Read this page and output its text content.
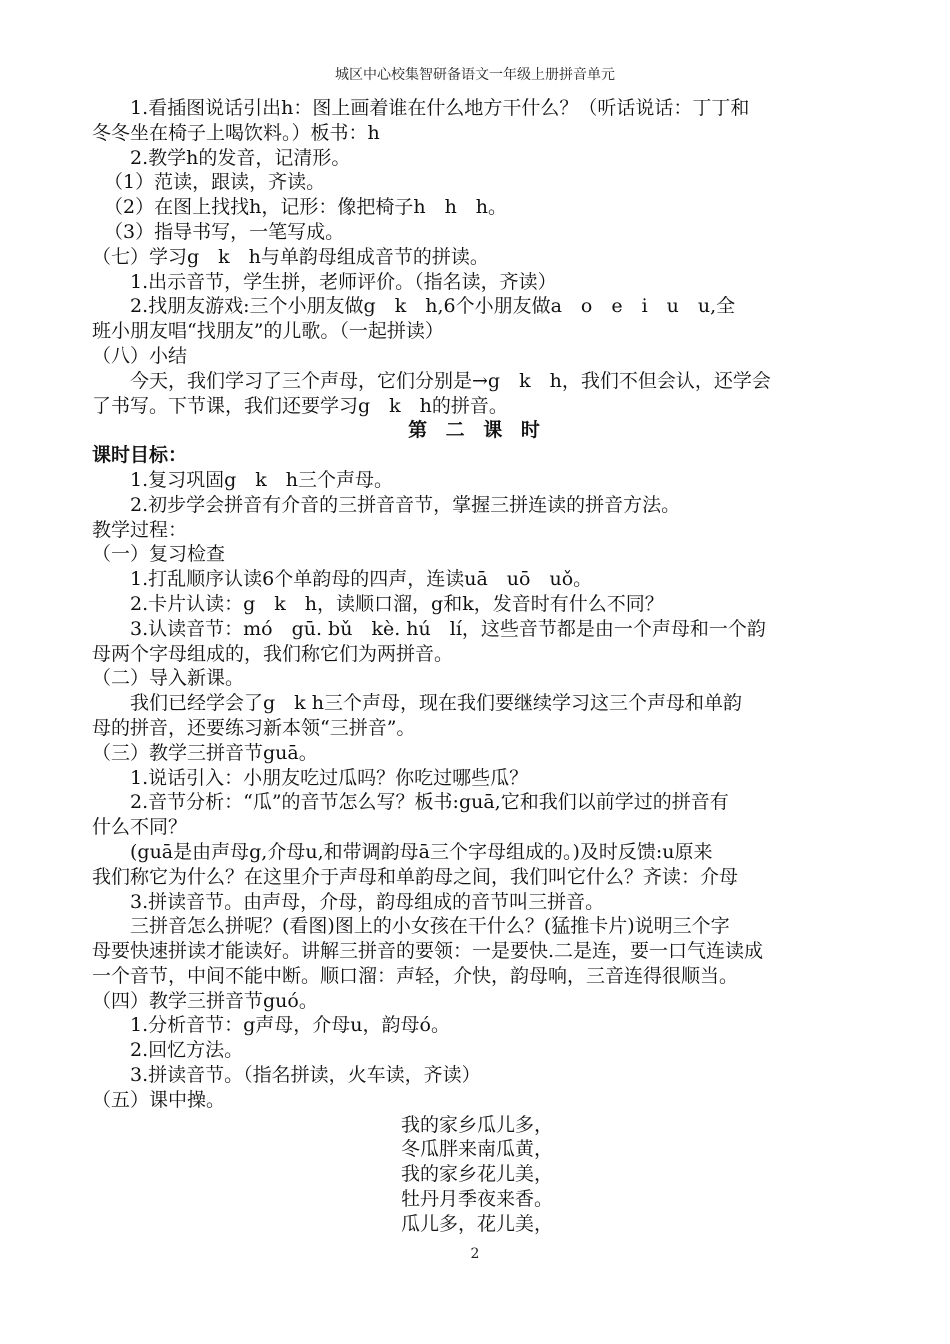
城区中心校集智研备语文一年级上册拼音单元
1.看插图说话引出h：图上画着谁在什么地方干什么？（听话说话：丁丁和
冬冬坐在椅子上喝饮料。）板书：h
2.教学h的发音，记清形。
（1）范读，跟读，齐读。
（2）在图上找找h，记形：像把椅子h　h　h。
（3）指导书写，一笔写成。
（七）学习g　k　h与单韵母组成音节的拼读。
1.出示音节，学生拼，老师评价。（指名读，齐读）
2.找朋友游戏:三个小朋友做g　k　h,6个小朋友做a　o　e　i　u　u,全
班小朋友唱“找朋友”的儿歌。（一起拼读）
（八）小结
今天，我们学习了三个声母，它们分别是→g　k　h，我们不但会认，还学会
了书写。下节课，我们还要学习g　k　h的拼音。
第 二 课 时
课时目标：
1.复习巩固g　k　h三个声母。
2.初步学会拼音有介音的三拼音音节，掌握三拼连读的拼音方法。
教学过程：
（一）复习检查
1.打乱顺序认读6个单韵母的四声，连读uā　uō　uǒ。
2.卡片认读：g　k　h，读顺口溜，g和k，发音时有什么不同？
3.认读音节：mó　gū. bǔ　kè. hú　lí，这些音节都是由一个声母和一个韵
母两个字母组成的，我们称它们为两拼音。
（二）导入新课。
我们已经学会了g　k h三个声母，现在我们要继续学习这三个声母和单韵
母的拼音，还要练习新本领“三拼音”。
（三）教学三拼音节guā。
1.说话引入：小朋友吃过瓜吗？你吃过哪些瓜？
2.音节分析：“瓜”的音节怎么写？板书:guā,它和我们以前学过的拼音有
什么不同？
(guā是由声母g,介母u,和带调韵母ā三个字母组成的。)及时反馈:u原来
我们称它为什么？在这里介于声母和单韵母之间，我们叫它什么？齐读：介母
3.拼读音节。由声母，介母，韵母组成的音节叫三拼音。
三拼音怎么拼呢？(看图)图上的小女孩在干什么？(猛推卡片)说明三个字
母要快速拼读才能读好。讲解三拼音的要领：一是要快.二是连，要一口气连读成
一个音节，中间不能中断。顺口溜：声轻，介快，韵母响，三音连得很顺当。
（四）教学三拼音节guó。
1.分析音节：g声母，介母u，韵母ó。
2.回忆方法。
3.拼读音节。（指名拼读，火车读，齐读）
（五）课中操。
我的家乡瓜儿多，
冬瓜胖来南瓜黄，
我的家乡花儿美，
牡丹月季夜来香。
瓜儿多，花儿美，
2
